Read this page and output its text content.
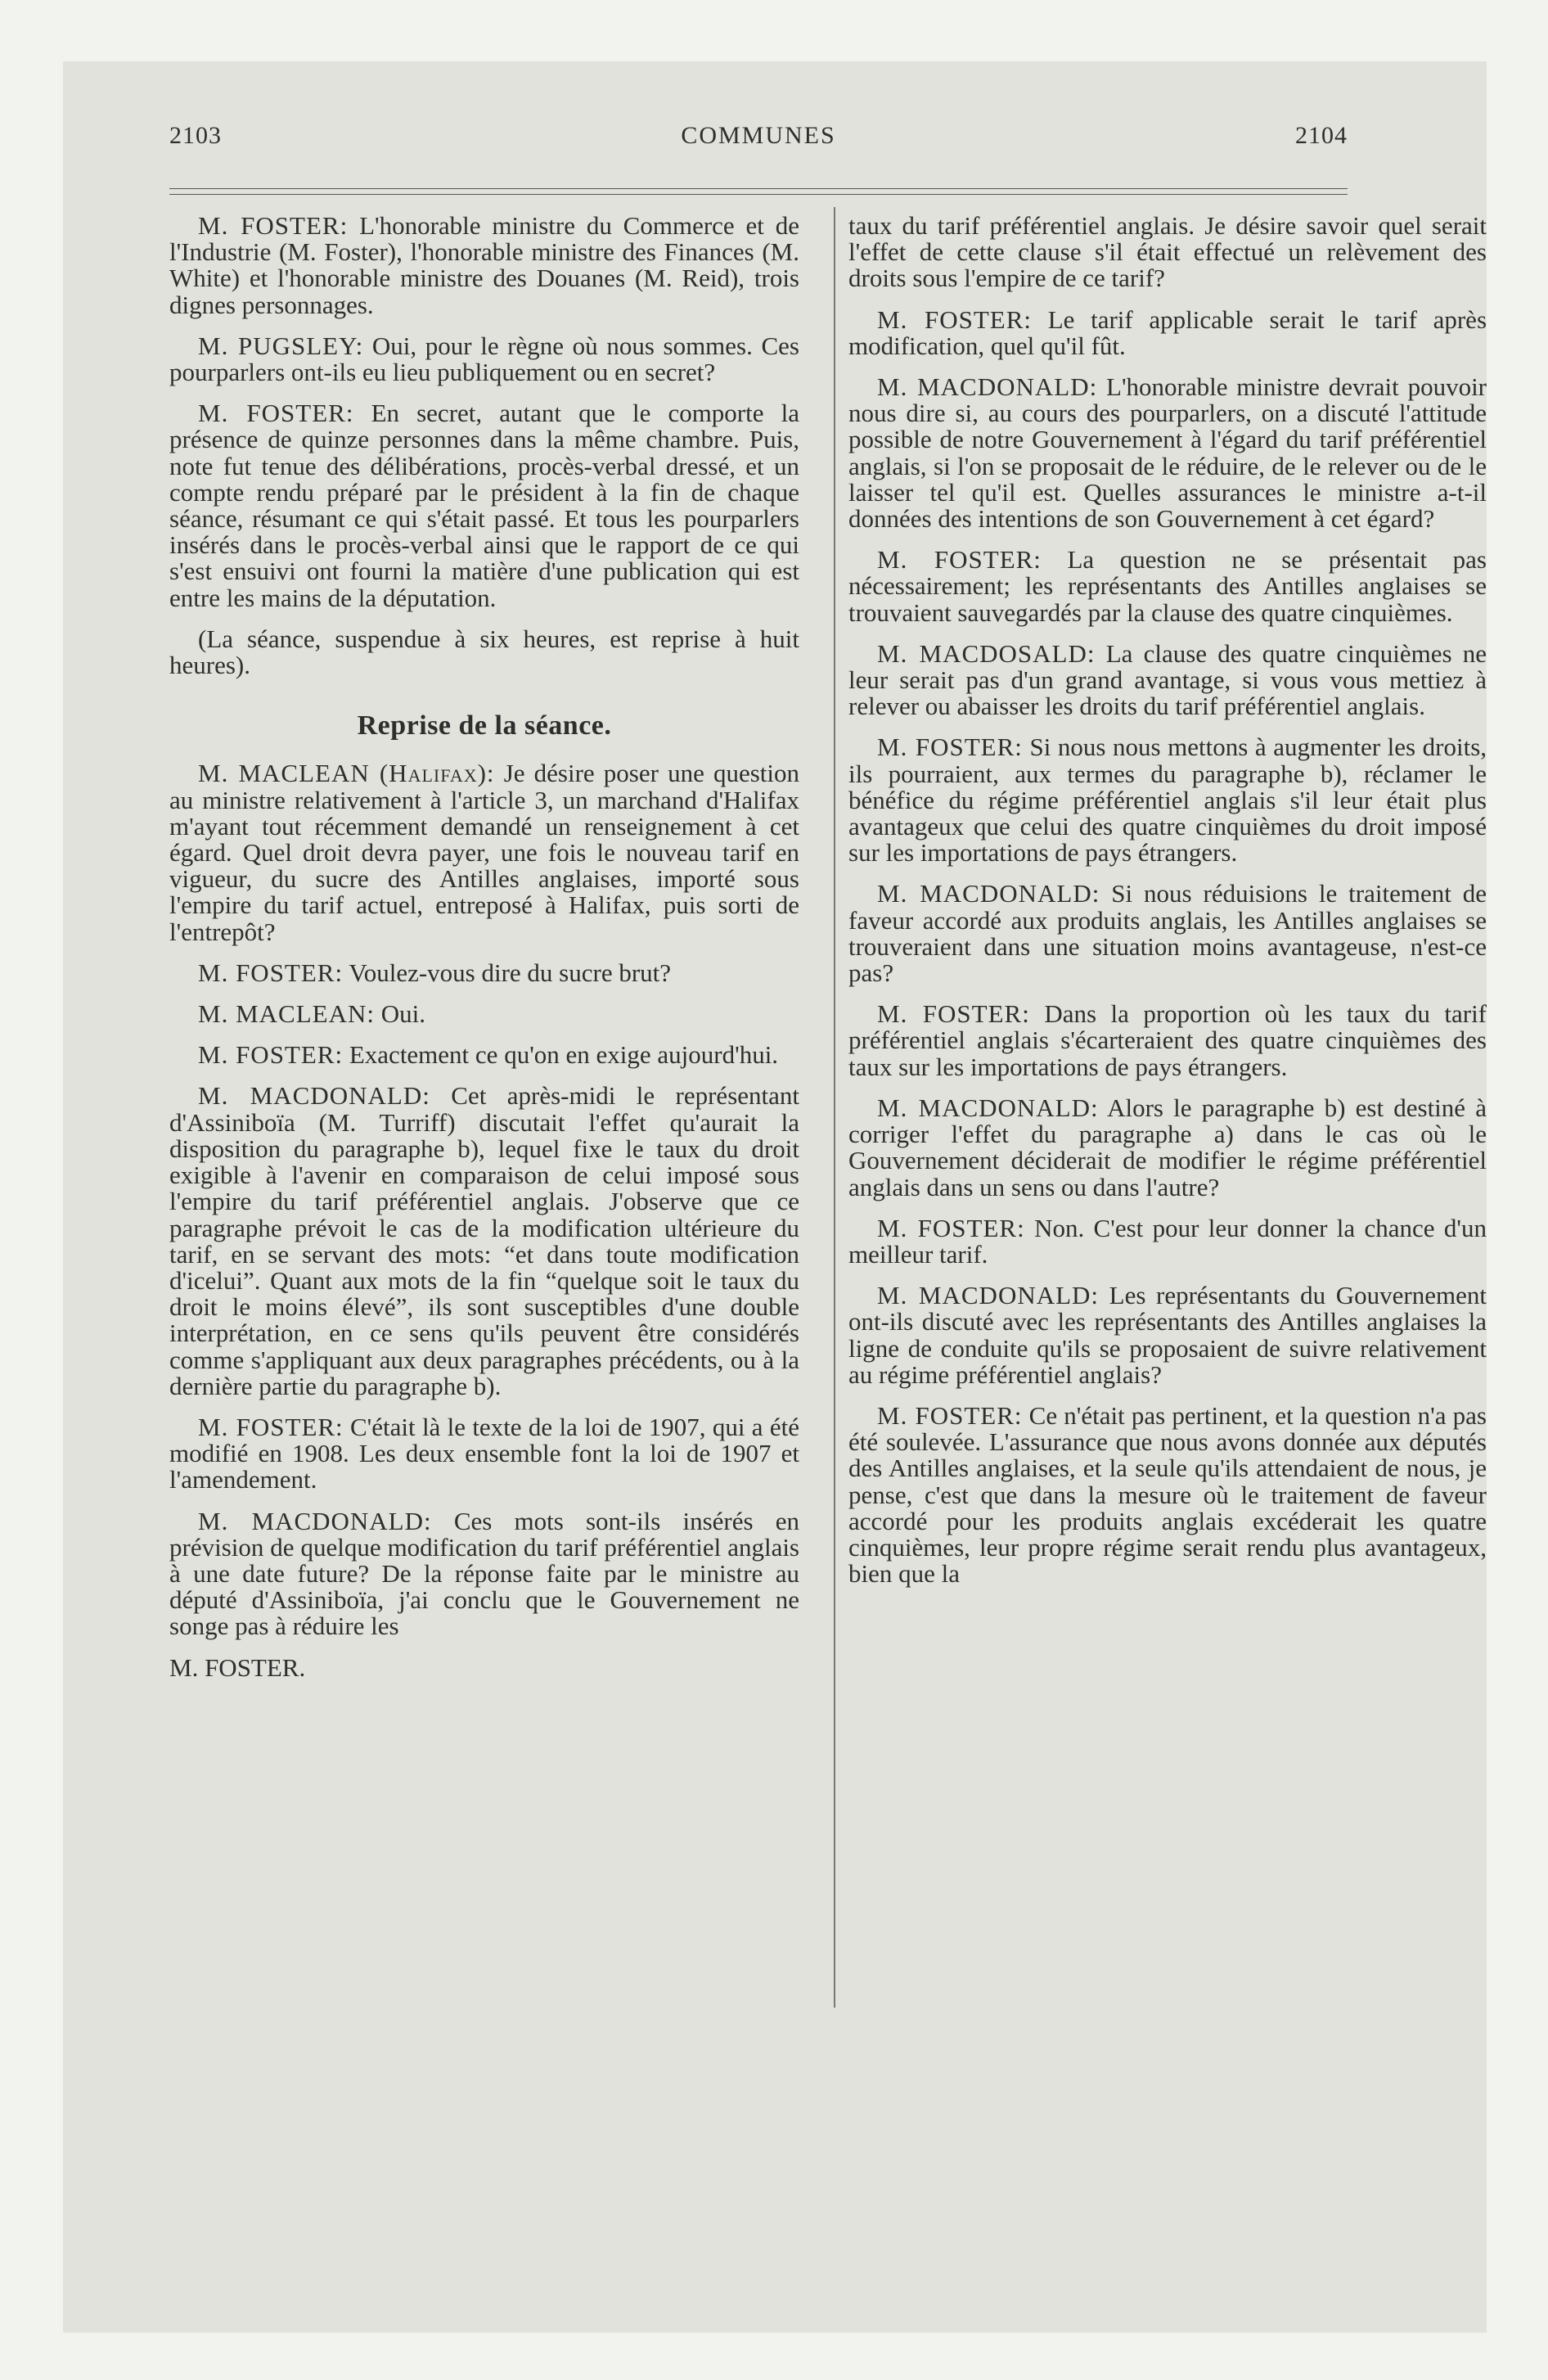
2103	COMMUNES	2104

M. FOSTER: L'honorable ministre du Commerce et de l'Industrie (M. Foster), l'honorable ministre des Finances (M. White) et l'honorable ministre des Douanes (M. Reid), trois dignes personnages.

M. PUGSLEY: Oui, pour le règne où nous sommes. Ces pourparlers ont-ils eu lieu publiquement ou en secret?

M. FOSTER: En secret, autant que le comporte la présence de quinze personnes dans la même chambre. Puis, note fut tenue des délibérations, procès-verbal dressé, et un compte rendu préparé par le président à la fin de chaque séance, résumant ce qui s'était passé. Et tous les pourparlers insérés dans le procès-verbal ainsi que le rapport de ce qui s'est ensuivi ont fourni la matière d'une publication qui est entre les mains de la députation.

(La séance, suspendue à six heures, est reprise à huit heures).

Reprise de la séance.

M. MACLEAN (Halifax): Je désire poser une question au ministre relativement à l'article 3, un marchand d'Halifax m'ayant tout récemment demandé un renseignement à cet égard. Quel droit devra payer, une fois le nouveau tarif en vigueur, du sucre des Antilles anglaises, importé sous l'empire du tarif actuel, entreposé à Halifax, puis sorti de l'entrepôt?

M. FOSTER: Voulez-vous dire du sucre brut?

M. MACLEAN: Oui.

M. FOSTER: Exactement ce qu'on en exige aujourd'hui.

M. MACDONALD: Cet après-midi le représentant d'Assiniboïa (M. Turriff) discutait l'effet qu'aurait la disposition du paragraphe b), lequel fixe le taux du droit exigible à l'avenir en comparaison de celui imposé sous l'empire du tarif préférentiel anglais. J'observe que ce paragraphe prévoit le cas de la modification ultérieure du tarif, en se servant des mots: “et dans toute modification d'icelui”. Quant aux mots de la fin “quelque soit le taux du droit le moins élevé”, ils sont susceptibles d'une double interprétation, en ce sens qu'ils peuvent être considérés comme s'appliquant aux deux paragraphes précédents, ou à la dernière partie du paragraphe b).

M. FOSTER: C'était là le texte de la loi de 1907, qui a été modifié en 1908. Les deux ensemble font la loi de 1907 et l'amendement.

M. MACDONALD: Ces mots sont-ils insérés en prévision de quelque modification du tarif préférentiel anglais à une date future? De la réponse faite par le ministre au député d'Assiniboïa, j'ai conclu que le Gouvernement ne songe pas à réduire les

M. FOSTER.

taux du tarif préférentiel anglais. Je désire savoir quel serait l'effet de cette clause s'il était effectué un relèvement des droits sous l'empire de ce tarif?

M. FOSTER: Le tarif applicable serait le tarif après modification, quel qu'il fût.

M. MACDONALD: L'honorable ministre devrait pouvoir nous dire si, au cours des pourparlers, on a discuté l'attitude possible de notre Gouvernement à l'égard du tarif préférentiel anglais, si l'on se proposait de le réduire, de le relever ou de le laisser tel qu'il est. Quelles assurances le ministre a-t-il données des intentions de son Gouvernement à cet égard?

M. FOSTER: La question ne se présentait pas nécessairement; les représentants des Antilles anglaises se trouvaient sauvegardés par la clause des quatre cinquièmes.

M. MACDOSALD: La clause des quatre cinquièmes ne leur serait pas d'un grand avantage, si vous vous mettiez à relever ou abaisser les droits du tarif préférentiel anglais.

M. FOSTER: Si nous nous mettons à augmenter les droits, ils pourraient, aux termes du paragraphe b), réclamer le bénéfice du régime préférentiel anglais s'il leur était plus avantageux que celui des quatre cinquièmes du droit imposé sur les importations de pays étrangers.

M. MACDONALD: Si nous réduisions le traitement de faveur accordé aux produits anglais, les Antilles anglaises se trouveraient dans une situation moins avantageuse, n'est-ce pas?

M. FOSTER: Dans la proportion où les taux du tarif préférentiel anglais s'écarteraient des quatre cinquièmes des taux sur les importations de pays étrangers.

M. MACDONALD: Alors le paragraphe b) est destiné à corriger l'effet du paragraphe a) dans le cas où le Gouvernement déciderait de modifier le régime préférentiel anglais dans un sens ou dans l'autre?

M. FOSTER: Non. C'est pour leur donner la chance d'un meilleur tarif.

M. MACDONALD: Les représentants du Gouvernement ont-ils discuté avec les représentants des Antilles anglaises la ligne de conduite qu'ils se proposaient de suivre relativement au régime préférentiel anglais?

M. FOSTER: Ce n'était pas pertinent, et la question n'a pas été soulevée. L'assurance que nous avons donnée aux députés des Antilles anglaises, et la seule qu'ils attendaient de nous, je pense, c'est que dans la mesure où le traitement de faveur accordé pour les produits anglais excéderait les quatre cinquièmes, leur propre régime serait rendu plus avantageux, bien que la
